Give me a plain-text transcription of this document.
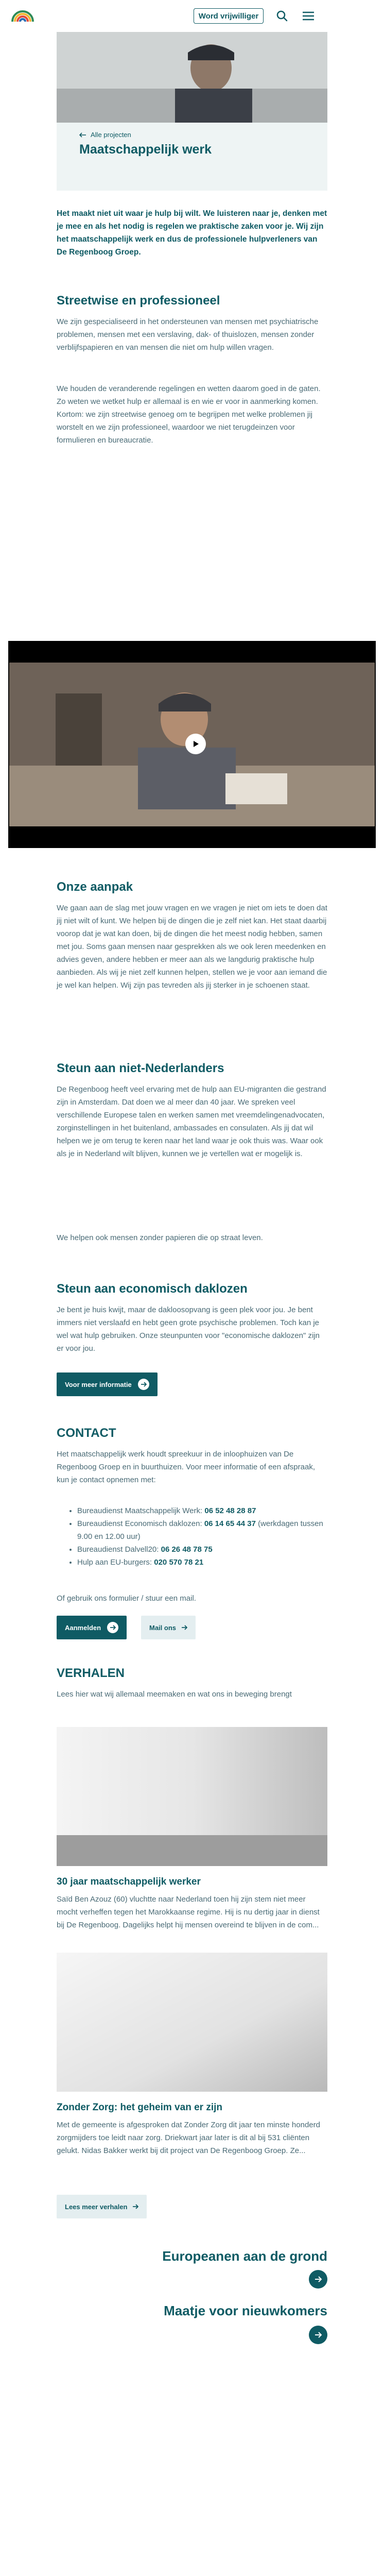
Word vrijwilliger
Alle projecten
Maatschappelijk werk
Het maakt niet uit waar je hulp bij wilt. We luisteren naar je, denken met je mee en als het nodig is regelen we praktische zaken voor je. Wij zijn het maatschappelijk werk en dus de professionele hulpverleners van De Regenboog Groep.
Streetwise en professioneel
We zijn gespecialiseerd in het ondersteunen van mensen met psychiatrische problemen, mensen met een verslaving, dak- of thuislozen, mensen zonder verblijfspapieren en van mensen die niet om hulp willen vragen.
We houden de veranderende regelingen en wetten daarom goed in de gaten. Zo weten we wetket hulp er allemaal is en wie er voor in aanmerking komen. Kortom: we zijn streetwise genoeg om te begrijpen met welke problemen jij worstelt en we zijn professioneel, waardoor we niet terugdeinzen voor formulieren en bureaucratie.
Onze aanpak
We gaan aan de slag met jouw vragen en we vragen je niet om iets te doen dat jij niet wilt of kunt. We helpen bij de dingen die je zelf niet kan. Het staat daarbij voorop dat je wat kan doen, bij de dingen die het meest nodig hebben, samen met jou. Soms gaan mensen naar gesprekken als we ook leren meedenken en advies geven, andere hebben er meer aan als we langdurig praktische hulp aanbieden. Als wij je niet zelf kunnen helpen, stellen we je voor aan iemand die je wel kan helpen. Wij zijn pas tevreden als jij sterker in je schoenen staat.
Steun aan niet-Nederlanders
De Regenboog heeft veel ervaring met de hulp aan EU-migranten die gestrand zijn in Amsterdam. Dat doen we al meer dan 40 jaar. We spreken veel verschillende Europese talen en werken samen met vreemdelingenadvocaten, zorginstellingen in het buitenland, ambassades en consulaten. Als jij dat wil helpen we je om terug te keren naar het land waar je ook thuis was. Waar ook als je in Nederland wilt blijven, kunnen we je vertellen wat er mogelijk is.
We helpen ook mensen zonder papieren die op straat leven.
Steun aan economisch daklozen
Je bent je huis kwijt, maar de dakloosopvang is geen plek voor jou. Je bent immers niet verslaafd en hebt geen grote psychische problemen. Toch kan je wel wat hulp gebruiken. Onze steunpunten voor "economische daklozen" zijn er voor jou.
Voor meer informatie
CONTACT
Het maatschappelijk werk houdt spreekuur in de inloophuizen van De Regenboog Groep en in buurthuizen. Voor meer informatie of een afspraak, kun je contact opnemen met:
• Bureaudienst Maatschappelijk Werk: 06 52 48 28 87
• Bureaudienst Economisch daklozen: 06 14 65 44 37 (werkdagen tussen 9.00 en 12.00 uur)
• Bureaudienst Dalvell20: 06 26 48 78 75
• Hulp aan EU-burgers: 020 570 78 21
Of gebruik ons formulier / stuur een mail.
Aanmelden	Mail ons
VERHALEN
Lees hier wat wij allemaal meemaken en wat ons in beweging brengt
30 jaar maatschappelijk werker
Saïd Ben Azouz (60) vluchtte naar Nederland toen hij zijn stem niet meer mocht verheffen tegen het Marokkaanse regime. Hij is nu dertig jaar in dienst bij De Regenboog. Dagelijks helpt hij mensen overeind te blijven in de com...
Zonder Zorg: het geheim van er zijn
Met de gemeente is afgesproken dat Zonder Zorg dit jaar ten minste honderd zorgmijders toe leidt naar zorg. Driekwart jaar later is dit al bij 531 cliënten gelukt. Nidas Bakker werkt bij dit project van De Regenboog Groep. Ze...
Lees meer verhalen
Europeanen aan de grond
Maatje voor nieuwkomers
